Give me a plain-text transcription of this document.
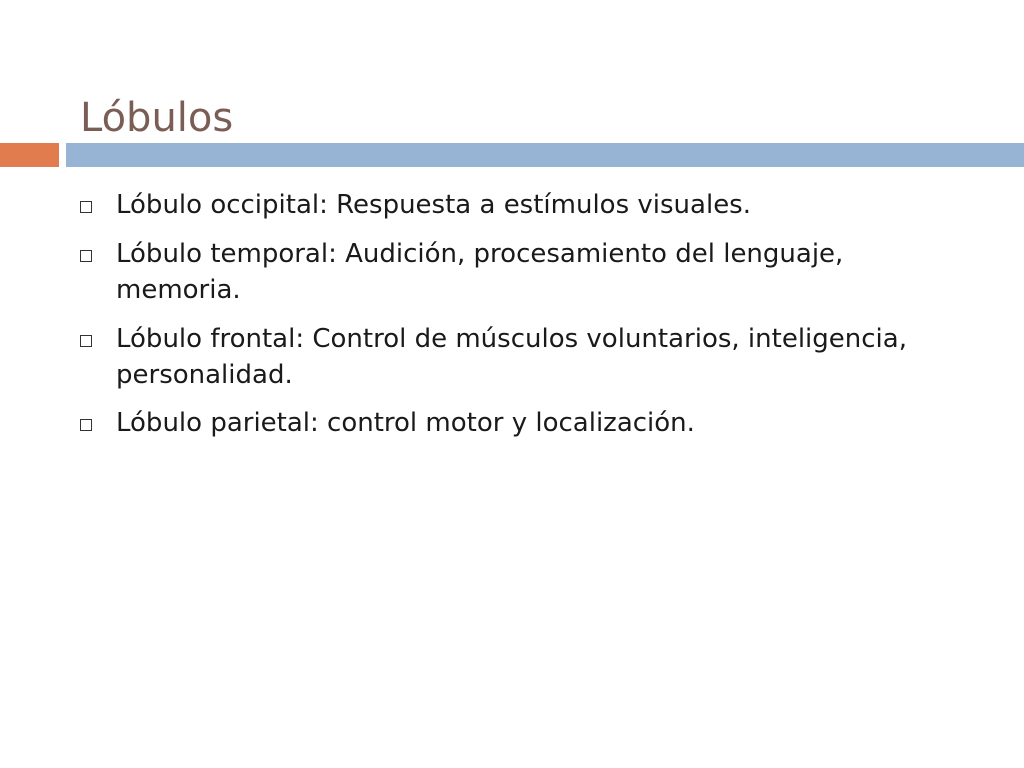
Lóbulos
Lóbulo occipital: Respuesta a estímulos visuales.
Lóbulo temporal: Audición, procesamiento del lenguaje, memoria.
Lóbulo frontal: Control de músculos voluntarios, inteligencia, personalidad.
Lóbulo parietal: control motor y localización.
